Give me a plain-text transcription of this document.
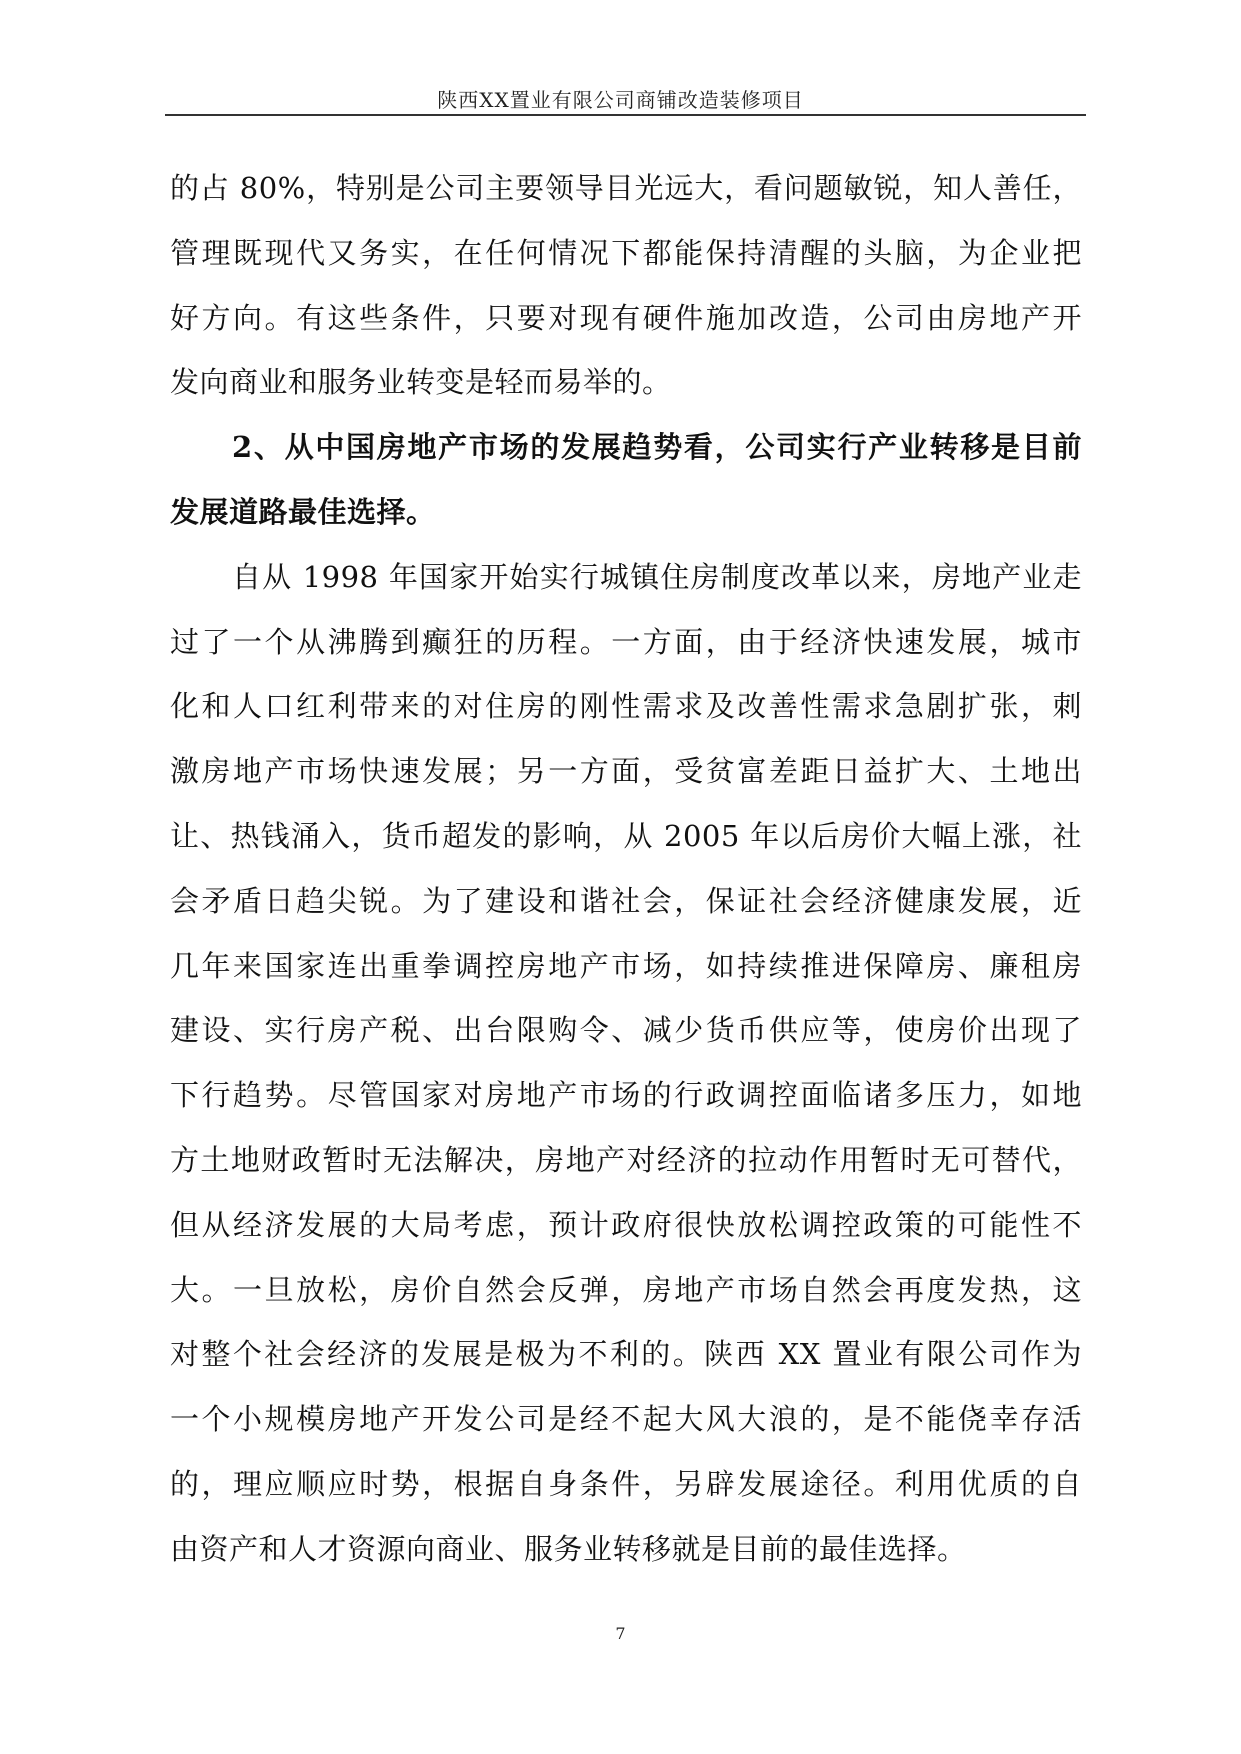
陕西XX置业有限公司商铺改造装修项目
的占 80%，特别是公司主要领导目光远大，看问题敏锐，知人善任，
管理既现代又务实，在任何情况下都能保持清醒的头脑，为企业把
好方向。有这些条件，只要对现有硬件施加改造，公司由房地产开
发向商业和服务业转变是轻而易举的。
2、从中国房地产市场的发展趋势看，公司实行产业转移是目前
发展道路最佳选择。
自从 1998 年国家开始实行城镇住房制度改革以来，房地产业走
过了一个从沸腾到癫狂的历程。一方面，由于经济快速发展，城市
化和人口红利带来的对住房的刚性需求及改善性需求急剧扩张，刺
激房地产市场快速发展；另一方面，受贫富差距日益扩大、土地出
让、热钱涌入，货币超发的影响，从 2005 年以后房价大幅上涨，社
会矛盾日趋尖锐。为了建设和谐社会，保证社会经济健康发展，近
几年来国家连出重拳调控房地产市场，如持续推进保障房、廉租房
建设、实行房产税、出台限购令、减少货币供应等，使房价出现了
下行趋势。尽管国家对房地产市场的行政调控面临诸多压力，如地
方土地财政暂时无法解决，房地产对经济的拉动作用暂时无可替代，
但从经济发展的大局考虑，预计政府很快放松调控政策的可能性不
大。一旦放松，房价自然会反弹，房地产市场自然会再度发热，这
对整个社会经济的发展是极为不利的。陕西 XX 置业有限公司作为
一个小规模房地产开发公司是经不起大风大浪的，是不能侥幸存活
的，理应顺应时势，根据自身条件，另辟发展途径。利用优质的自
由资产和人才资源向商业、服务业转移就是目前的最佳选择。
7
